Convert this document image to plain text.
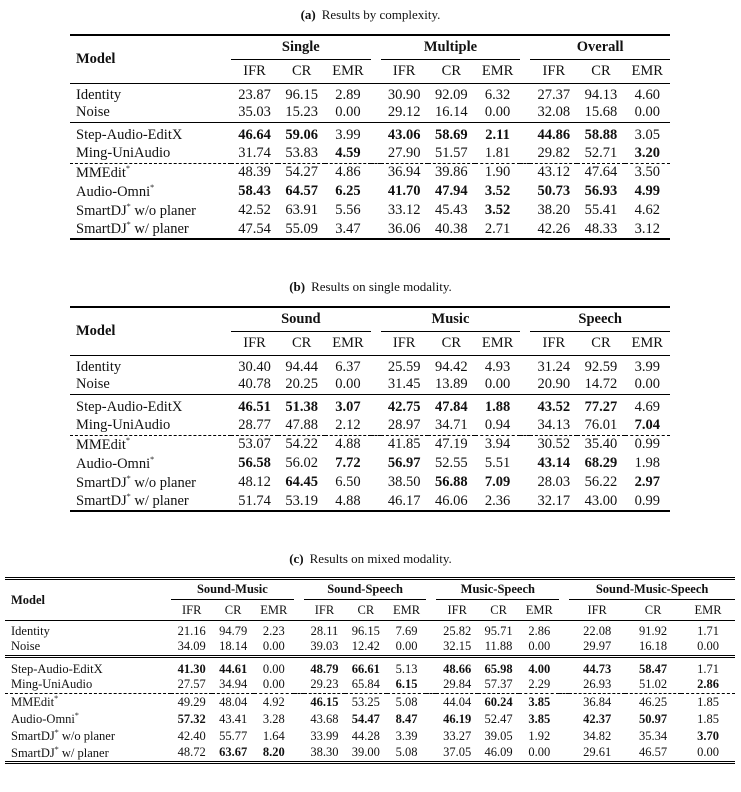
(a) Results by complexity.
Model	Single				Multiple				Overall		
	IFR	CR	EMR		IFR	CR	EMR		IFR	CR	EMR
Identity	23.87	96.15	2.89		30.90	92.09	6.32		27.37	94.13	4.60
Noise	35.03	15.23	0.00		29.12	16.14	0.00		32.08	15.68	0.00
Step-Audio-EditX	46.64	59.06	3.99		43.06	58.69	2.11		44.86	58.88	3.05
Ming-UniAudio	31.74	53.83	4.59		27.90	51.57	1.81		29.82	52.71	3.20
MMEdit*	48.39	54.27	4.86		36.94	39.86	1.90		43.12	47.64	3.50
Audio-Omni*	58.43	64.57	6.25		41.70	47.94	3.52		50.73	56.93	4.99
SmartDJ* w/o planer	42.52	63.91	5.56		33.12	45.43	3.52		38.20	55.41	4.62
SmartDJ* w/ planer	47.54	55.09	3.47		36.06	40.38	2.71		42.26	48.33	3.12
(b) Results on single modality.
Model	Sound				Music				Speech		
	IFR	CR	EMR		IFR	CR	EMR		IFR	CR	EMR
Identity	30.40	94.44	6.37		25.59	94.42	4.93		31.24	92.59	3.99
Noise	40.78	20.25	0.00		31.45	13.89	0.00		20.90	14.72	0.00
Step-Audio-EditX	46.51	51.38	3.07		42.75	47.84	1.88		43.52	77.27	4.69
Ming-UniAudio	28.77	47.88	2.12		28.97	34.71	0.94		34.13	76.01	7.04
MMEdit*	53.07	54.22	4.88		41.85	47.19	3.94		30.52	35.40	0.99
Audio-Omni*	56.58	56.02	7.72		56.97	52.55	5.51		43.14	68.29	1.98
SmartDJ* w/o planer	48.12	64.45	6.50		38.50	56.88	7.09		28.03	56.22	2.97
SmartDJ* w/ planer	51.74	53.19	4.88		46.17	46.06	2.36		32.17	43.00	0.99
(c) Results on mixed modality.
Model	Sound-Music				Sound-Speech				Music-Speech				Sound-Music-Speech		
	IFR	CR	EMR		IFR	CR	EMR		IFR	CR	EMR		IFR	CR	EMR
Identity	21.16	94.79	2.23		28.11	96.15	7.69		25.82	95.71	2.86		22.08	91.92	1.71
Noise	34.09	18.14	0.00		39.03	12.42	0.00		32.15	11.88	0.00		29.97	16.18	0.00
Step-Audio-EditX	41.30	44.61	0.00		48.79	66.61	5.13		48.66	65.98	4.00		44.73	58.47	1.71
Ming-UniAudio	27.57	34.94	0.00		29.23	65.84	6.15		29.84	57.37	2.29		26.93	51.02	2.86
MMEdit*	49.29	48.04	4.92		46.15	53.25	5.08		44.04	60.24	3.85		36.84	46.25	1.85
Audio-Omni*	57.32	43.41	3.28		43.68	54.47	8.47		46.19	52.47	3.85		42.37	50.97	1.85
SmartDJ* w/o planer	42.40	55.77	1.64		33.99	44.28	3.39		33.27	39.05	1.92		34.82	35.34	3.70
SmartDJ* w/ planer	48.72	63.67	8.20		38.30	39.00	5.08		37.05	46.09	0.00		29.61	46.57	0.00
